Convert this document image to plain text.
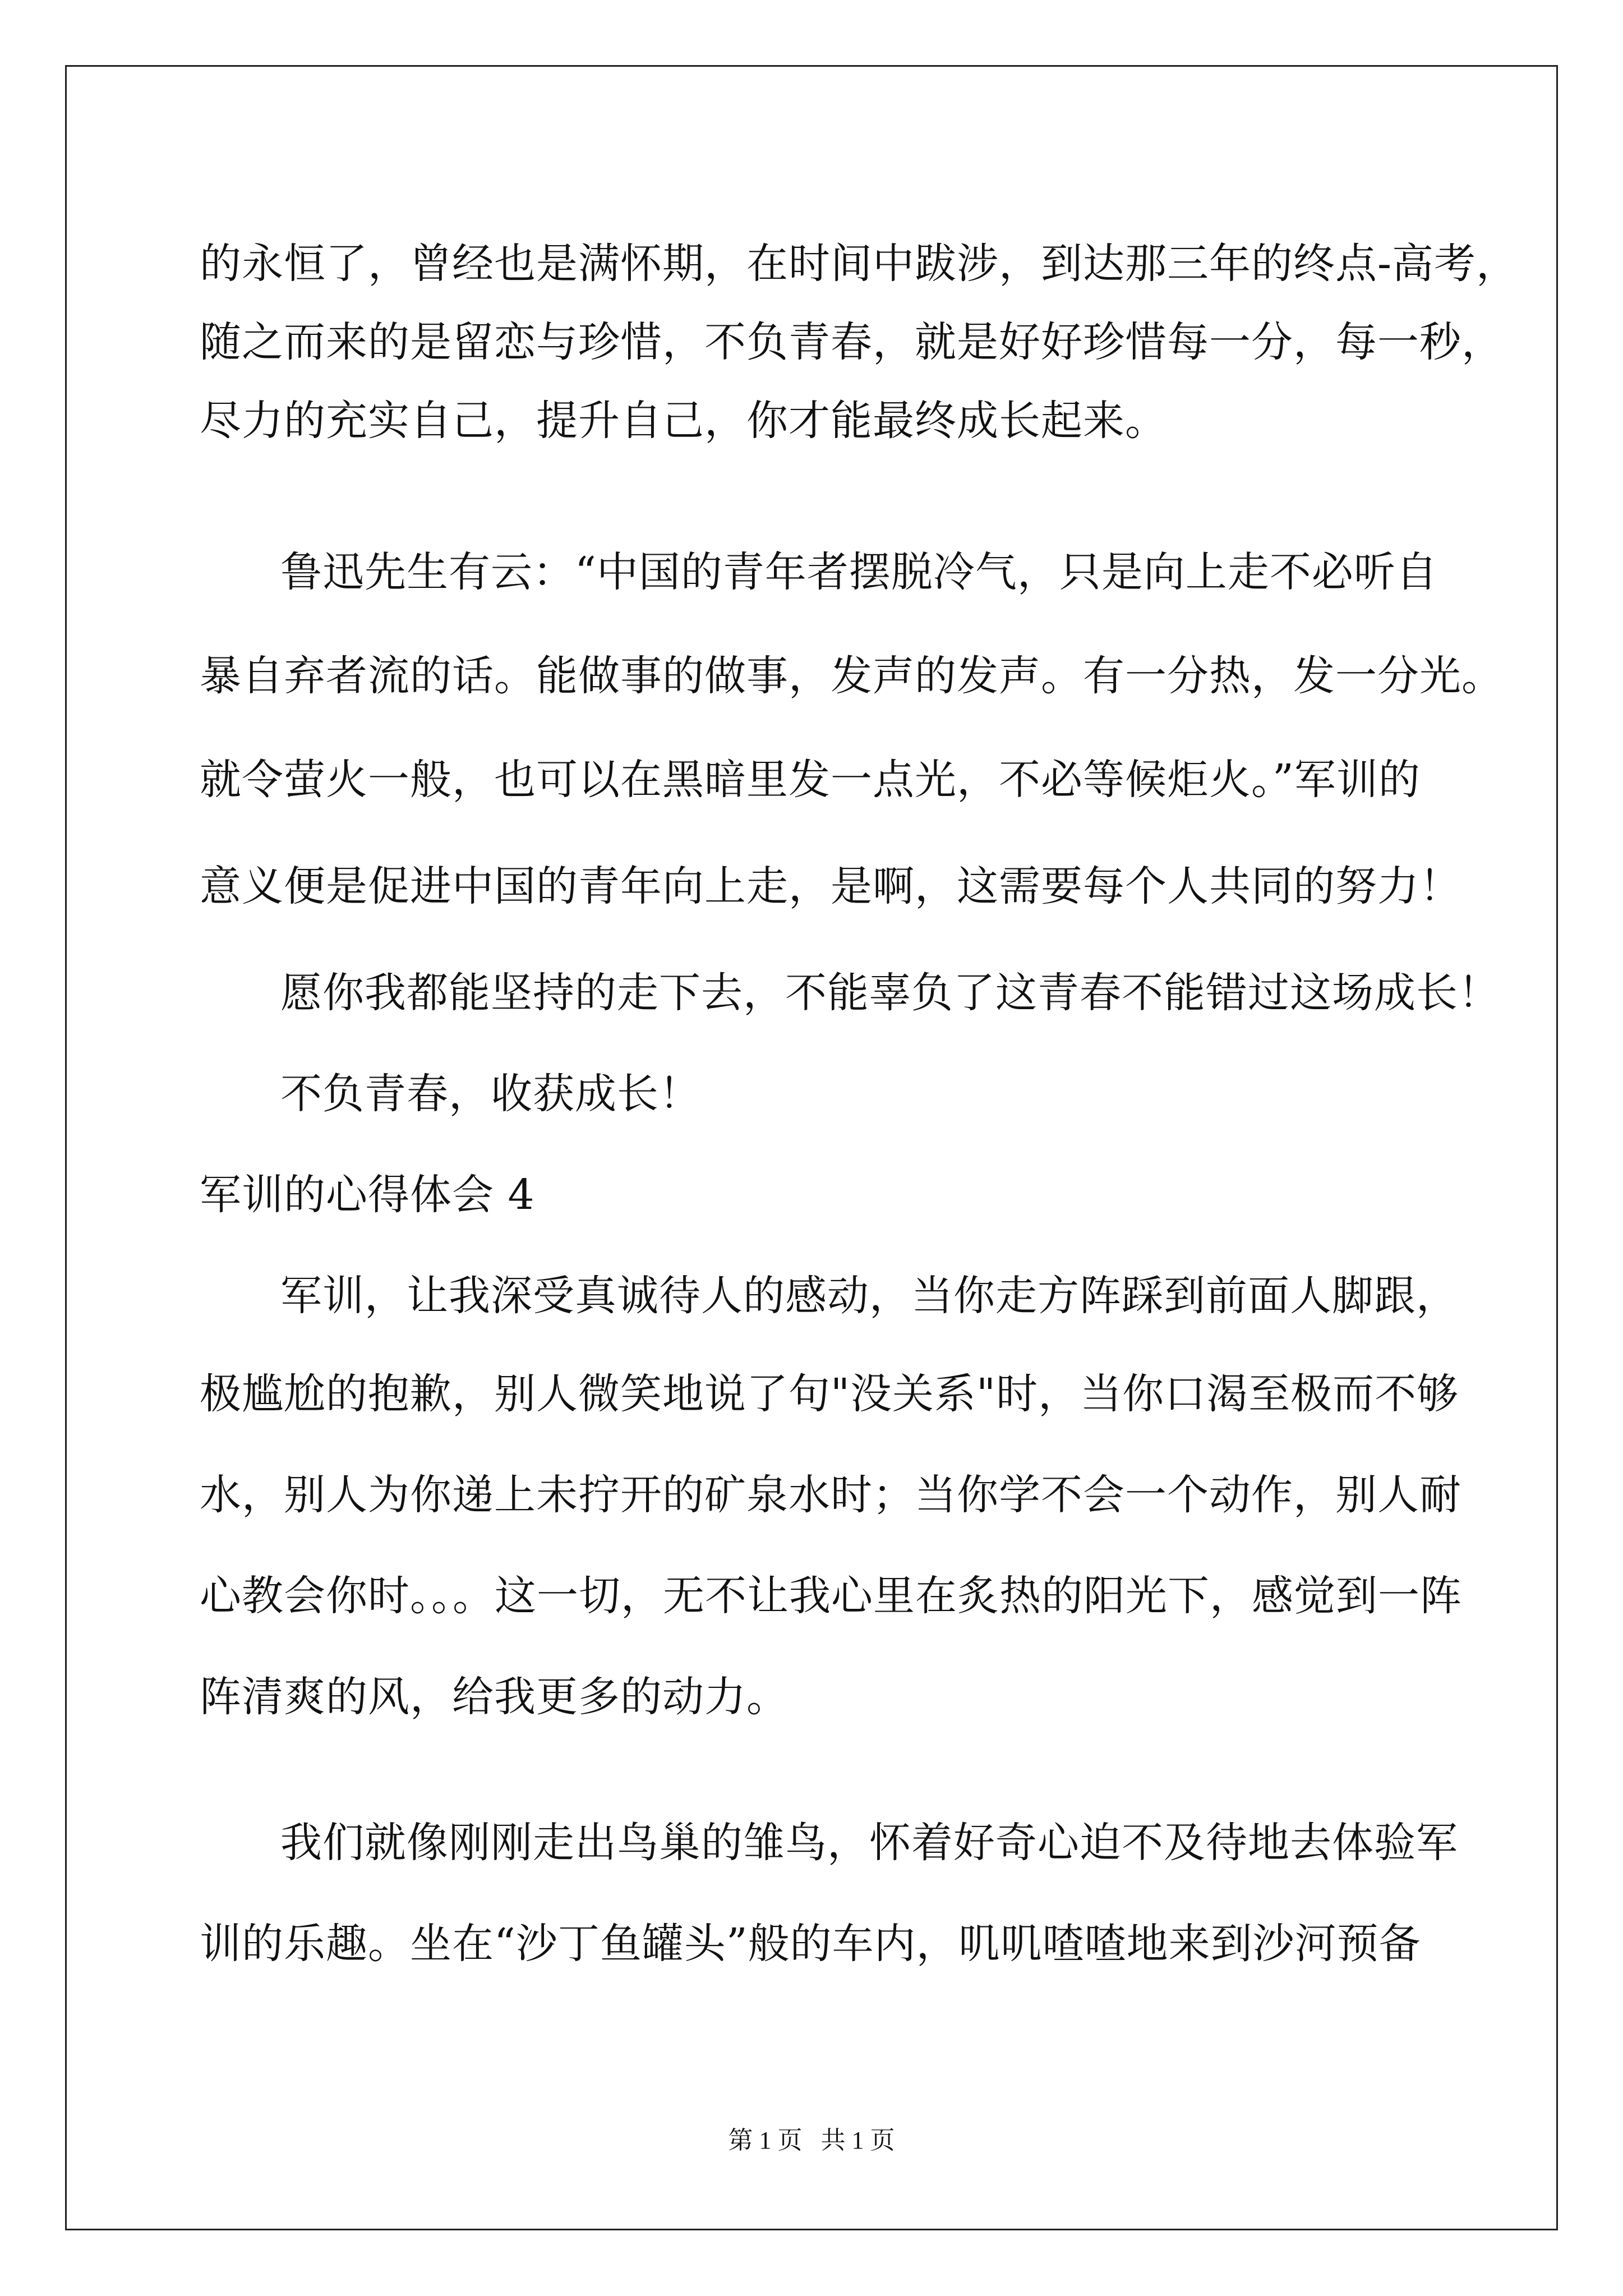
的永恒了，曾经也是满怀期，在时间中跋涉，到达那三年的终点-高考，
随之而来的是留恋与珍惜，不负青春，就是好好珍惜每一分，每一秒，
尽力的充实自己，提升自己，你才能最终成长起来。
鲁迅先生有云：“中国的青年者摆脱冷气，只是向上走不必听自
暴自弃者流的话。能做事的做事，发声的发声。有一分热，发一分光。
就令萤火一般，也可以在黑暗里发一点光，不必等候炬火。”军训的
意义便是促进中国的青年向上走，是啊，这需要每个人共同的努力！
愿你我都能坚持的走下去，不能辜负了这青春不能错过这场成长！
不负青春，收获成长！
军训的心得体会 4
军训，让我深受真诚待人的感动，当你走方阵踩到前面人脚跟，
极尴尬的抱歉，别人微笑地说了句"没关系"时，当你口渴至极而不够
水，别人为你递上未拧开的矿泉水时；当你学不会一个动作，别人耐
心教会你时。。。这一切，无不让我心里在炙热的阳光下，感觉到一阵
阵清爽的风，给我更多的动力。
我们就像刚刚走出鸟巢的雏鸟，怀着好奇心迫不及待地去体验军
训的乐趣。坐在“沙丁鱼罐头”般的车内，叽叽喳喳地来到沙河预备
第 1 页   共 1 页
